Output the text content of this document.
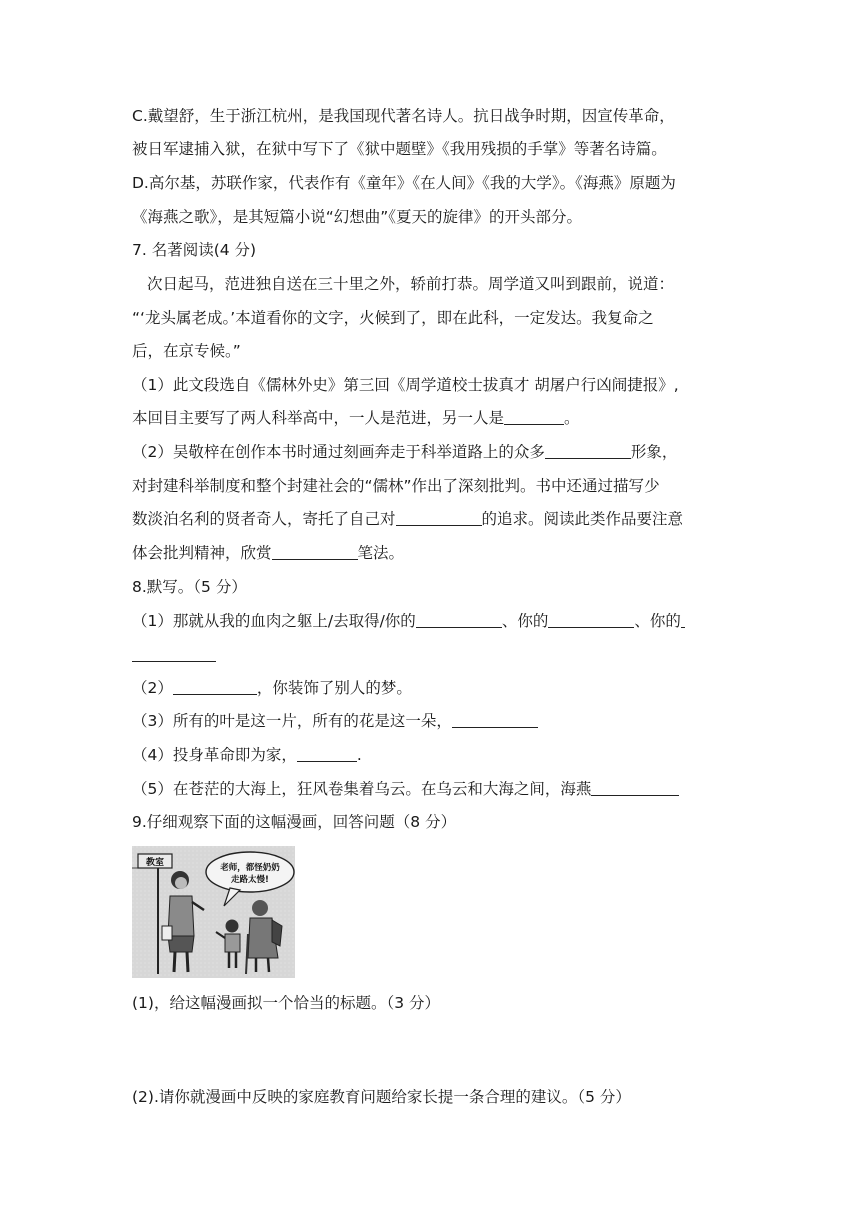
C.戴望舒，生于浙江杭州，是我国现代著名诗人。抗日战争时期，因宣传革命，
被日军逮捕入狱，在狱中写下了《狱中题壁》《我用残损的手掌》等著名诗篇。
D.高尔基，苏联作家，代表作有《童年》《在人间》《我的大学》。《海燕》原题为
《海燕之歌》，是其短篇小说“幻想曲”《夏天的旋律》的开头部分。
7. 名著阅读(4 分)
次日起马，范进独自送在三十里之外，轿前打恭。周学道又叫到跟前，说道：
“‘龙头属老成。’本道看你的文字，火候到了，即在此科，一定发达。我复命之
后，在京专候。”
（1）此文段选自《儒林外史》第三回《周学道校士拔真才 胡屠户行凶闹捷报》,
本回目主要写了两人科举高中，一人是范进，另一人是	。
（2）吴敬梓在创作本书时通过刻画奔走于科举道路上的众多	形象，
对封建科举制度和整个封建社会的“儒林”作出了深刻批判。书中还通过描写少
数淡泊名利的贤者奇人，寄托了自己对	的追求。阅读此类作品要注意
体会批判精神，欣赏	笔法。
8.默写。（5 分）
（1）那就从我的血肉之躯上/去取得/你的	、你的	、你的
（2）	，你装饰了别人的梦。
（3）所有的叶是这一片，所有的花是这一朵，
（4）投身革命即为家，	.
（5）在苍茫的大海上，狂风卷集着乌云。在乌云和大海之间，海燕
9.仔细观察下面的这幅漫画，回答问题（8 分）
教室	老师，都怪奶奶
走路太慢!
(1)，给这幅漫画拟一个恰当的标题。（3 分）
(2).请你就漫画中反映的家庭教育问题给家长提一条合理的建议。（5 分）
